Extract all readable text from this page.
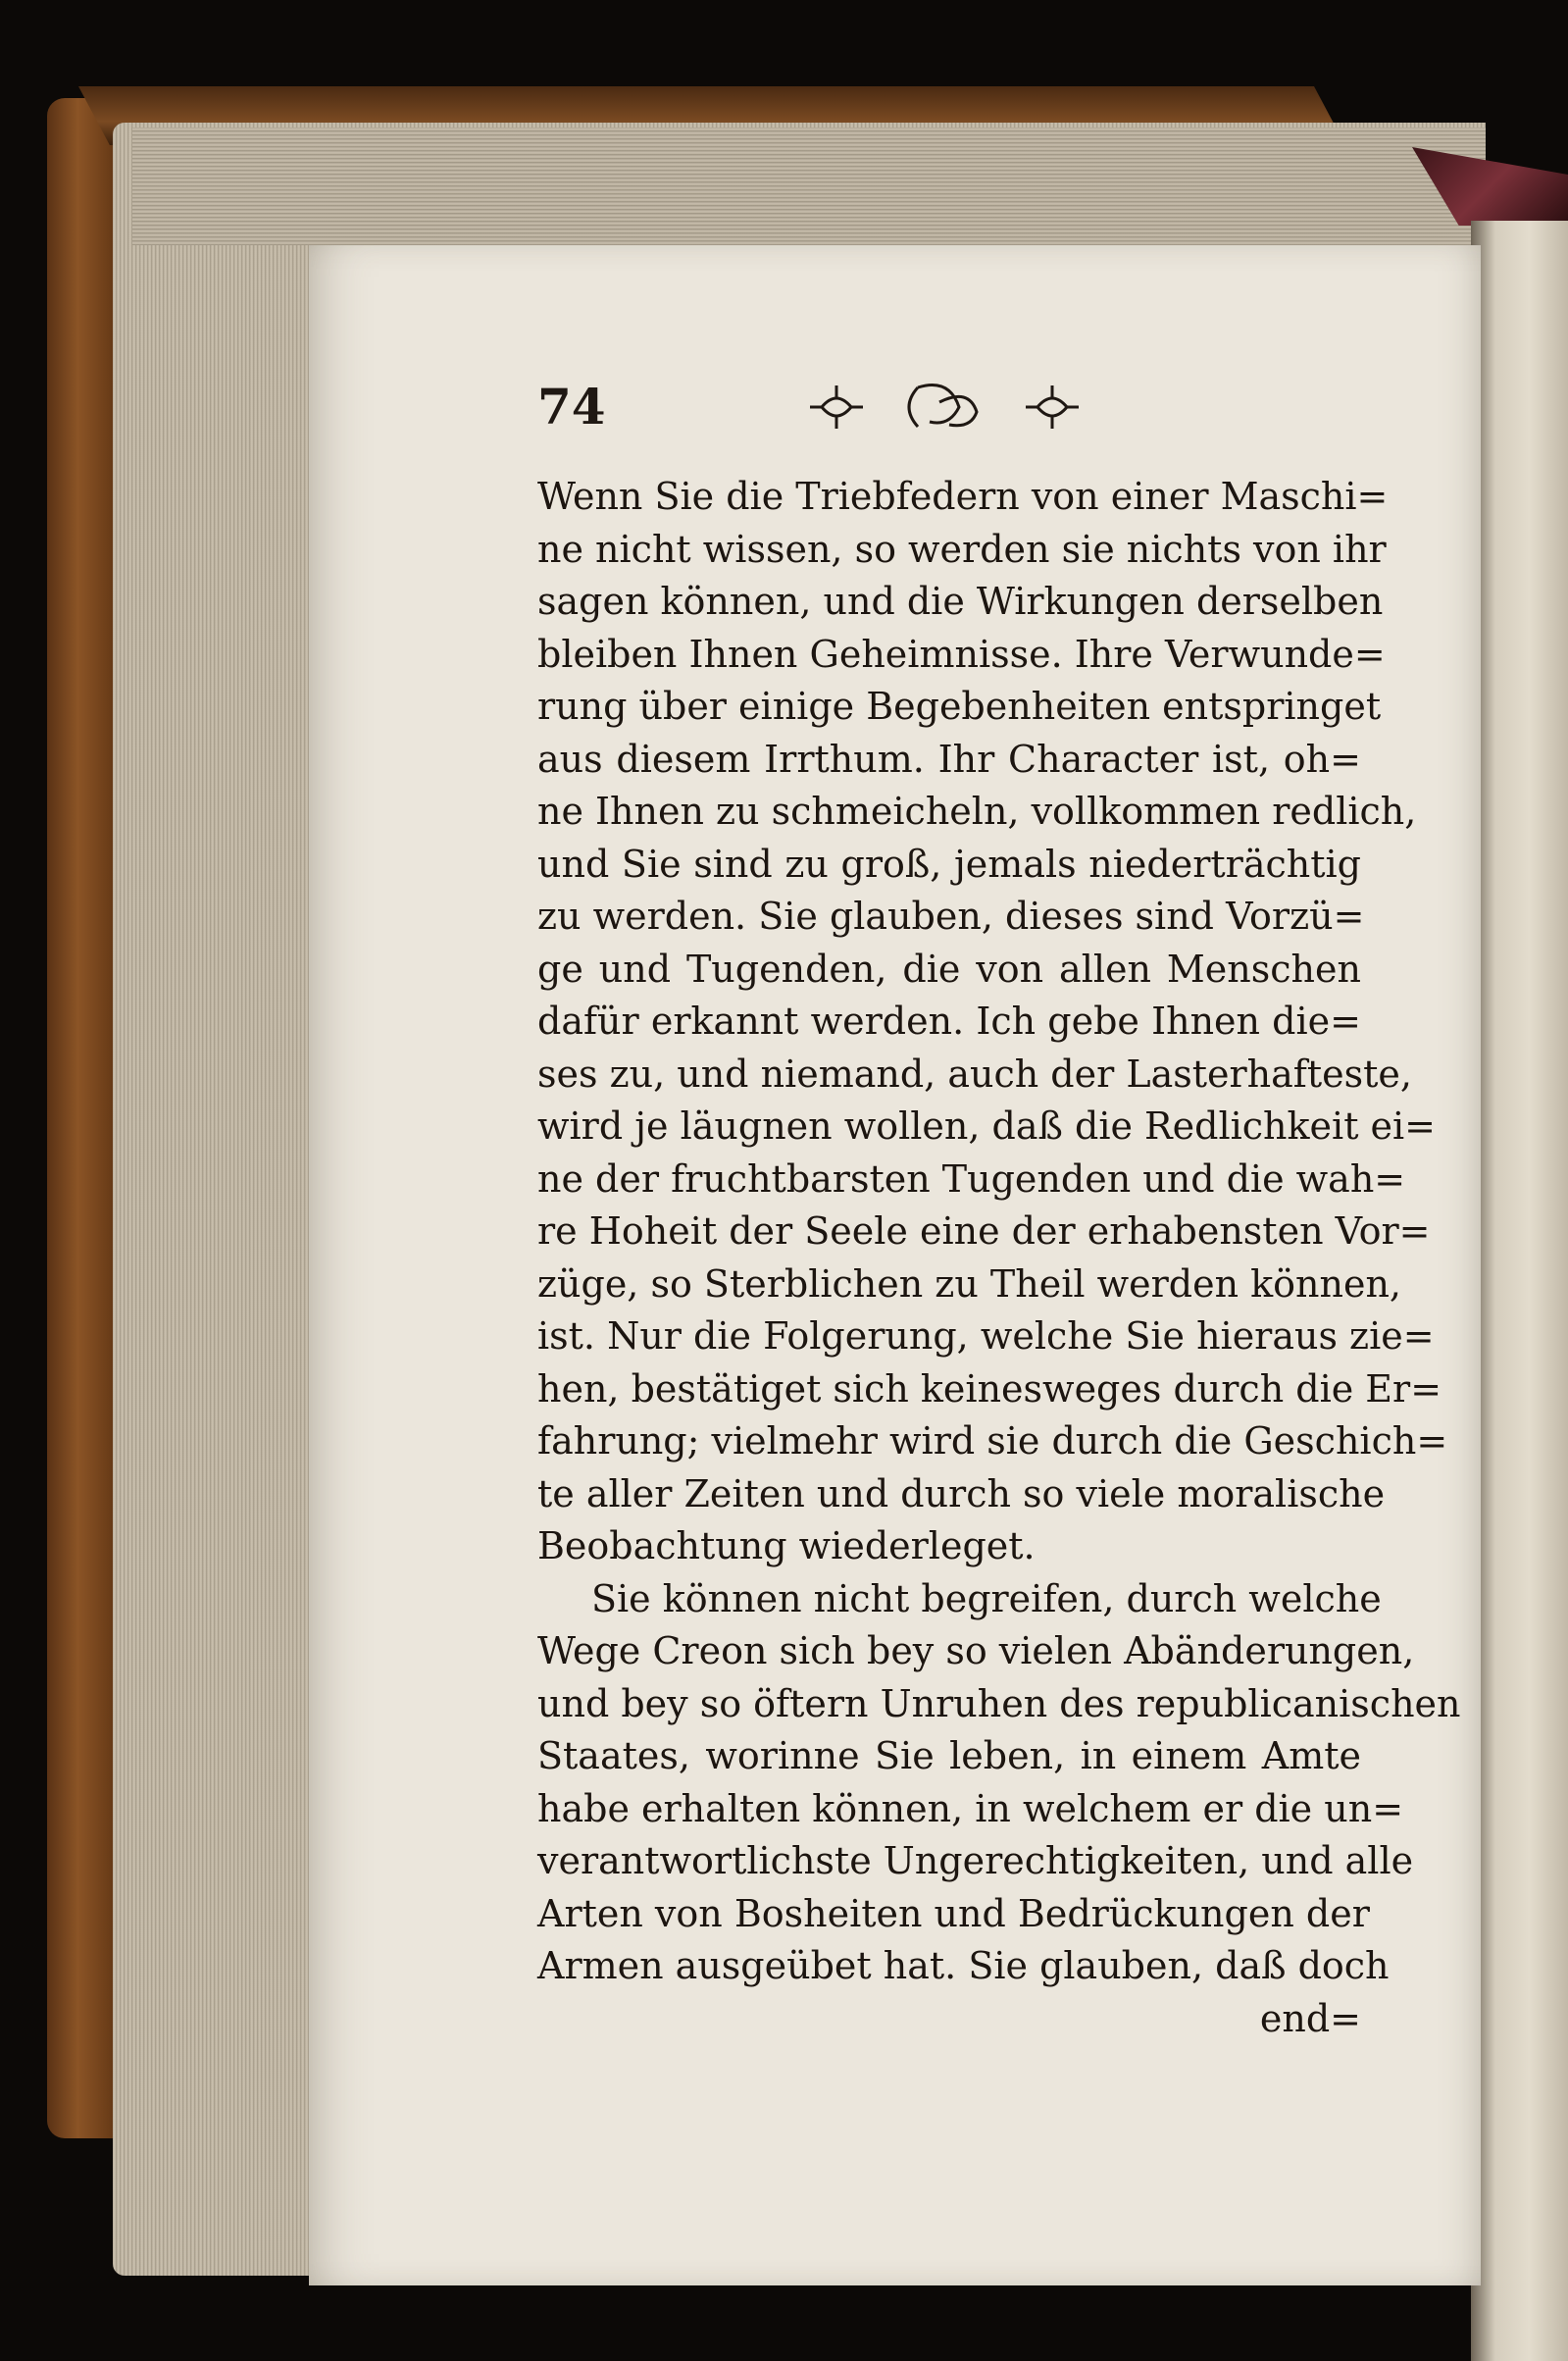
74
Wenn Sie die Triebfedern von einer Maschi=
ne nicht wissen, so werden sie nichts von ihr
sagen können, und die Wirkungen derselben
bleiben Ihnen Geheimnisse. Ihre Verwunde=
rung über einige Begebenheiten entspringet
aus diesem Irrthum. Ihr Character ist, oh=
ne Ihnen zu schmeicheln, vollkommen redlich,
und Sie sind zu groß, jemals niederträchtig
zu werden. Sie glauben, dieses sind Vorzü=
ge und Tugenden, die von allen Menschen
dafür erkannt werden. Ich gebe Ihnen die=
ses zu, und niemand, auch der Lasterhafteste,
wird je läugnen wollen, daß die Redlichkeit ei=
ne der fruchtbarsten Tugenden und die wah=
re Hoheit der Seele eine der erhabensten Vor=
züge, so Sterblichen zu Theil werden können,
ist. Nur die Folgerung, welche Sie hieraus zie=
hen, bestätiget sich keinesweges durch die Er=
fahrung; vielmehr wird sie durch die Geschich=
te aller Zeiten und durch so viele moralische
Beobachtung wiederleget.
Sie können nicht begreifen, durch welche
Wege Creon sich bey so vielen Abänderungen,
und bey so öftern Unruhen des republicanischen
Staates, worinne Sie leben, in einem Amte
habe erhalten können, in welchem er die un=
verantwortlichste Ungerechtigkeiten, und alle
Arten von Bosheiten und Bedrückungen der
Armen ausgeübet hat. Sie glauben, daß doch
end=
